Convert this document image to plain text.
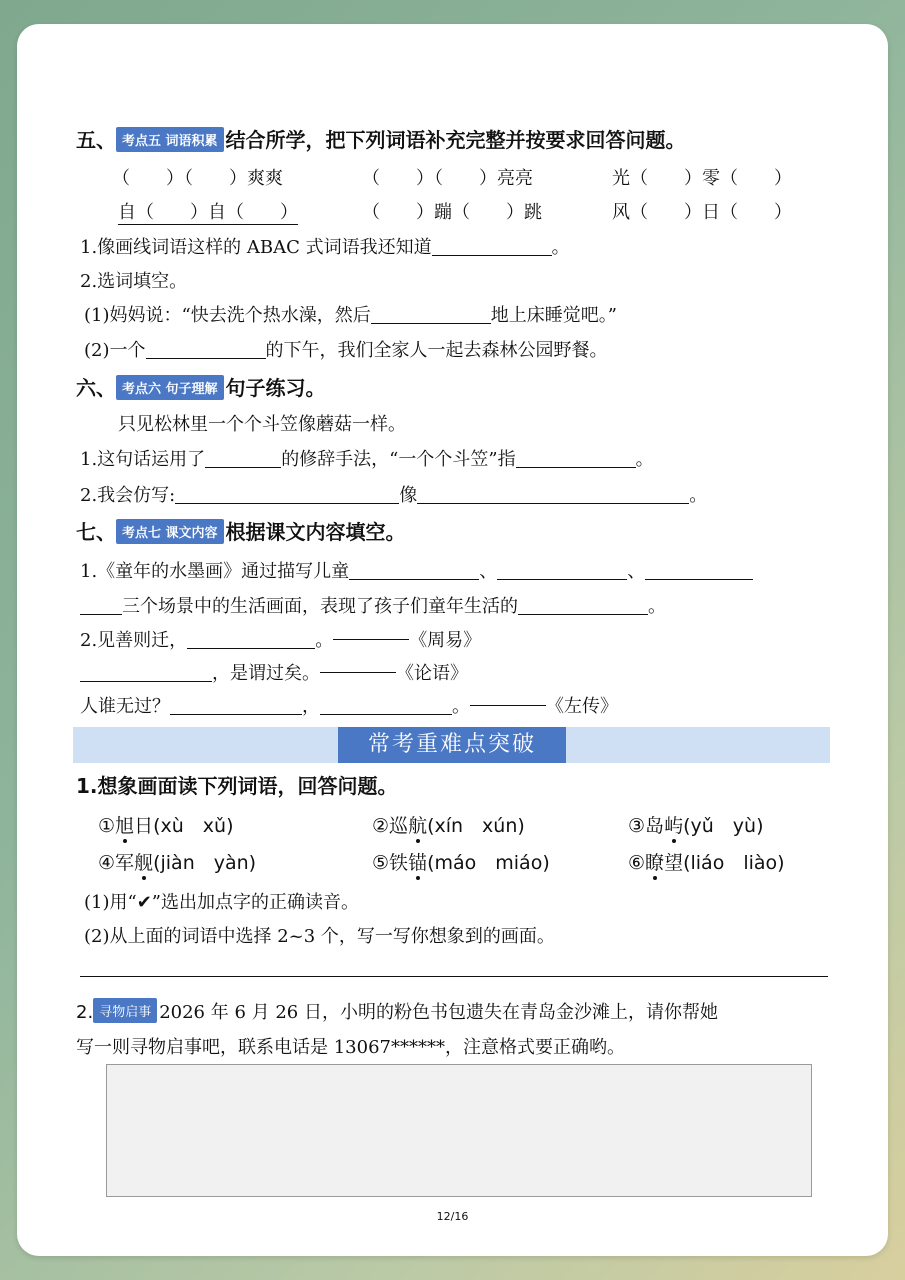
五、 考点五 词语积累 结合所学，把下列词语补充完整并按要求回答问题。
（　　）（　　）爽爽	（　　）（　　）亮亮	光（　　）零（　　）
自（　　）自（　　）	（　　）蹦（　　）跳	风（　　）日（　　）
1.像画线词语这样的 ABAC 式词语我还知道	。
2.选词填空。
(1)妈妈说：“快去洗个热水澡，然后	地上床睡觉吧。”
(2)一个	的下午，我们全家人一起去森林公园野餐。
六、 考点六 句子理解 句子练习。
只见松林里一个个斗笠像蘑菇一样。
1.这句话运用了	的修辞手法，“一个个斗笠”指	。
2.我会仿写:	像	。
七、 考点七 课文内容 根据课文内容填空。
1.《童年的水墨画》通过描写儿童	、	、
三个场景中的生活画面，表现了孩子们童年生活的	。
2.见善则迁，	。	《周易》
，是谓过矣。	《论语》
人谁无过？	，	。	《左传》
常考重难点突破
1.想象画面读下列词语，回答问题。
①旭日(xù　xǔ)	②巡航(xín　xún)	③岛屿(yǔ　yù)
④军舰(jiàn　yàn)	⑤铁锚(máo　miáo)	⑥瞭望(liáo　liào)
(1)用“✔”选出加点字的正确读音。
(2)从上面的词语中选择 2~3 个，写一写你想象到的画面。
2. 寻物启事 2026 年 6 月 26 日，小明的粉色书包遗失在青岛金沙滩上，请你帮她
写一则寻物启事吧，联系电话是 13067******，注意格式要正确哟。
12/16
